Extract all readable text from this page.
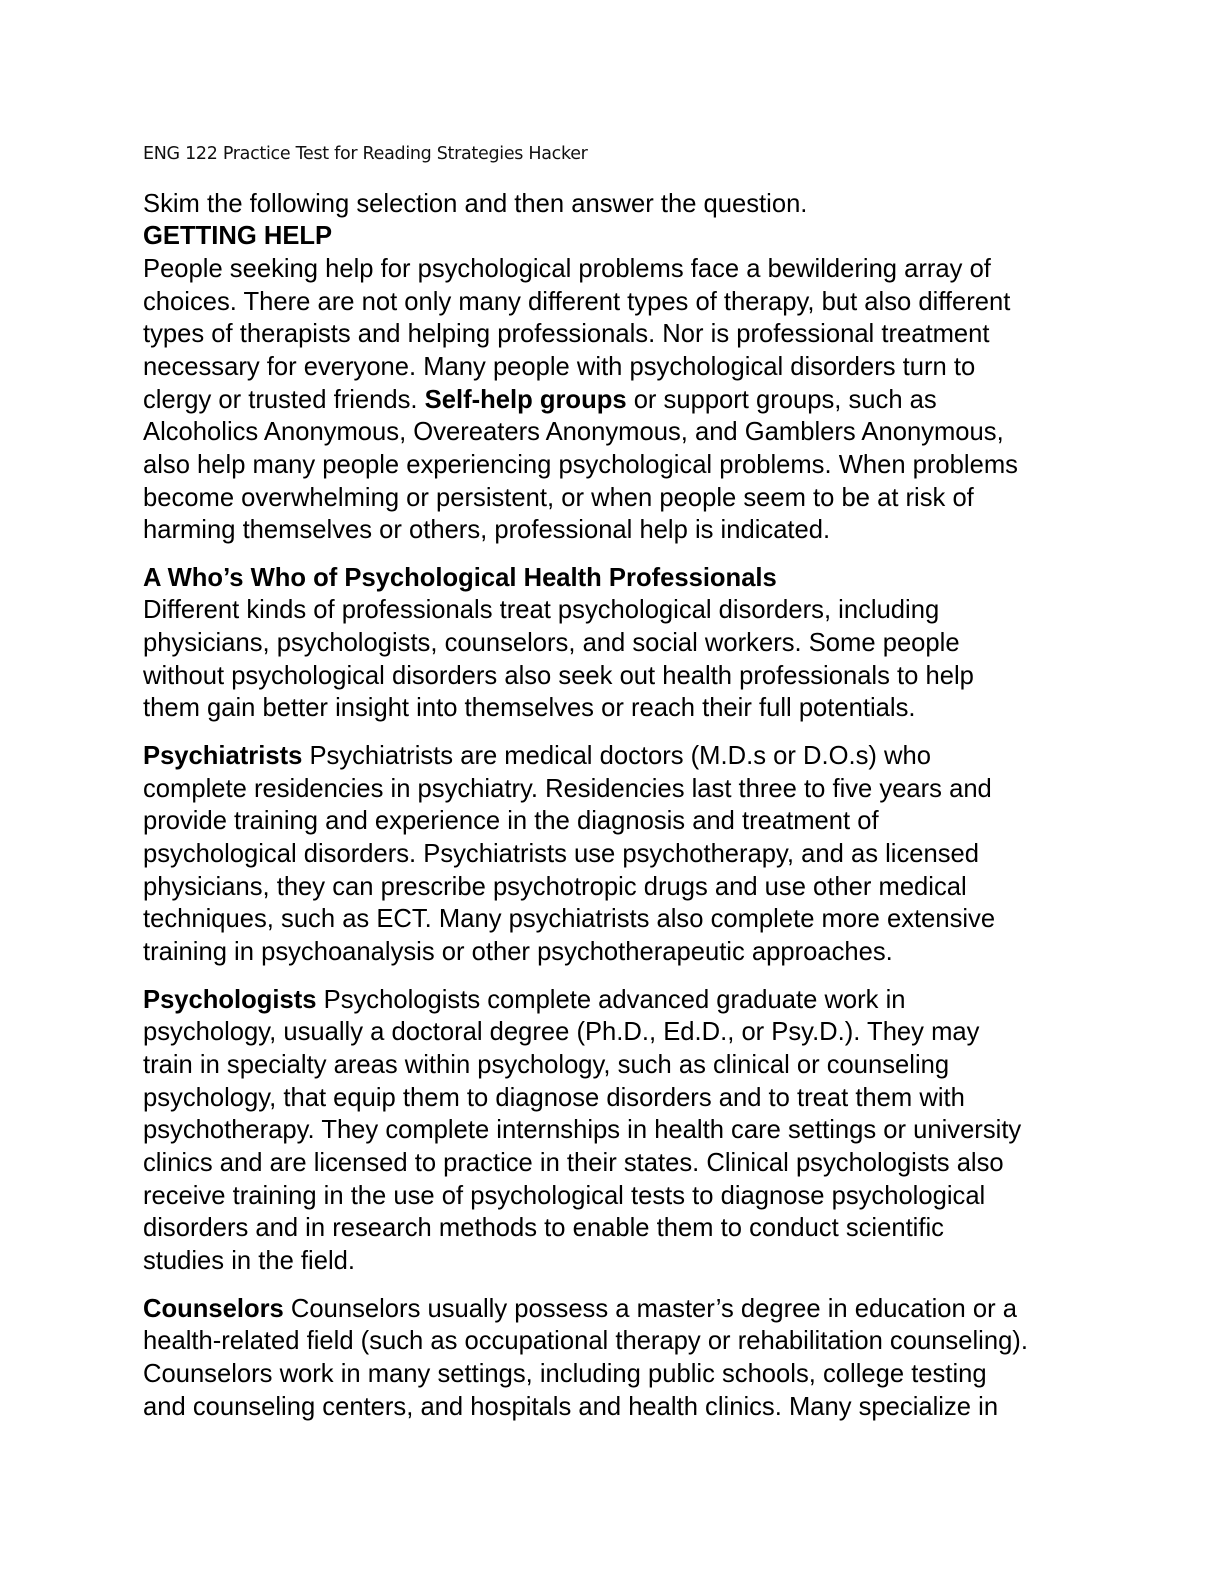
ENG 122 Practice Test for Reading Strategies Hacker
Skim the following selection and then answer the question.
GETTING HELP
People seeking help for psychological problems face a bewildering array of
choices. There are not only many different types of therapy, but also different
types of therapists and helping professionals. Nor is professional treatment
necessary for everyone. Many people with psychological disorders turn to
clergy or trusted friends. Self-help groups or support groups, such as
Alcoholics Anonymous, Overeaters Anonymous, and Gamblers Anonymous,
also help many people experiencing psychological problems. When problems
become overwhelming or persistent, or when people seem to be at risk of
harming themselves or others, professional help is indicated.
A Who’s Who of Psychological Health Professionals
Different kinds of professionals treat psychological disorders, including
physicians, psychologists, counselors, and social workers. Some people
without psychological disorders also seek out health professionals to help
them gain better insight into themselves or reach their full potentials.
Psychiatrists Psychiatrists are medical doctors (M.D.s or D.O.s) who
complete residencies in psychiatry. Residencies last three to five years and
provide training and experience in the diagnosis and treatment of
psychological disorders. Psychiatrists use psychotherapy, and as licensed
physicians, they can prescribe psychotropic drugs and use other medical
techniques, such as ECT. Many psychiatrists also complete more extensive
training in psychoanalysis or other psychotherapeutic approaches.
Psychologists Psychologists complete advanced graduate work in
psychology, usually a doctoral degree (Ph.D., Ed.D., or Psy.D.). They may
train in specialty areas within psychology, such as clinical or counseling
psychology, that equip them to diagnose disorders and to treat them with
psychotherapy. They complete internships in health care settings or university
clinics and are licensed to practice in their states. Clinical psychologists also
receive training in the use of psychological tests to diagnose psychological
disorders and in research methods to enable them to conduct scientific
studies in the field.
Counselors Counselors usually possess a master’s degree in education or a
health-related field (such as occupational therapy or rehabilitation counseling).
Counselors work in many settings, including public schools, college testing
and counseling centers, and hospitals and health clinics. Many specialize in
